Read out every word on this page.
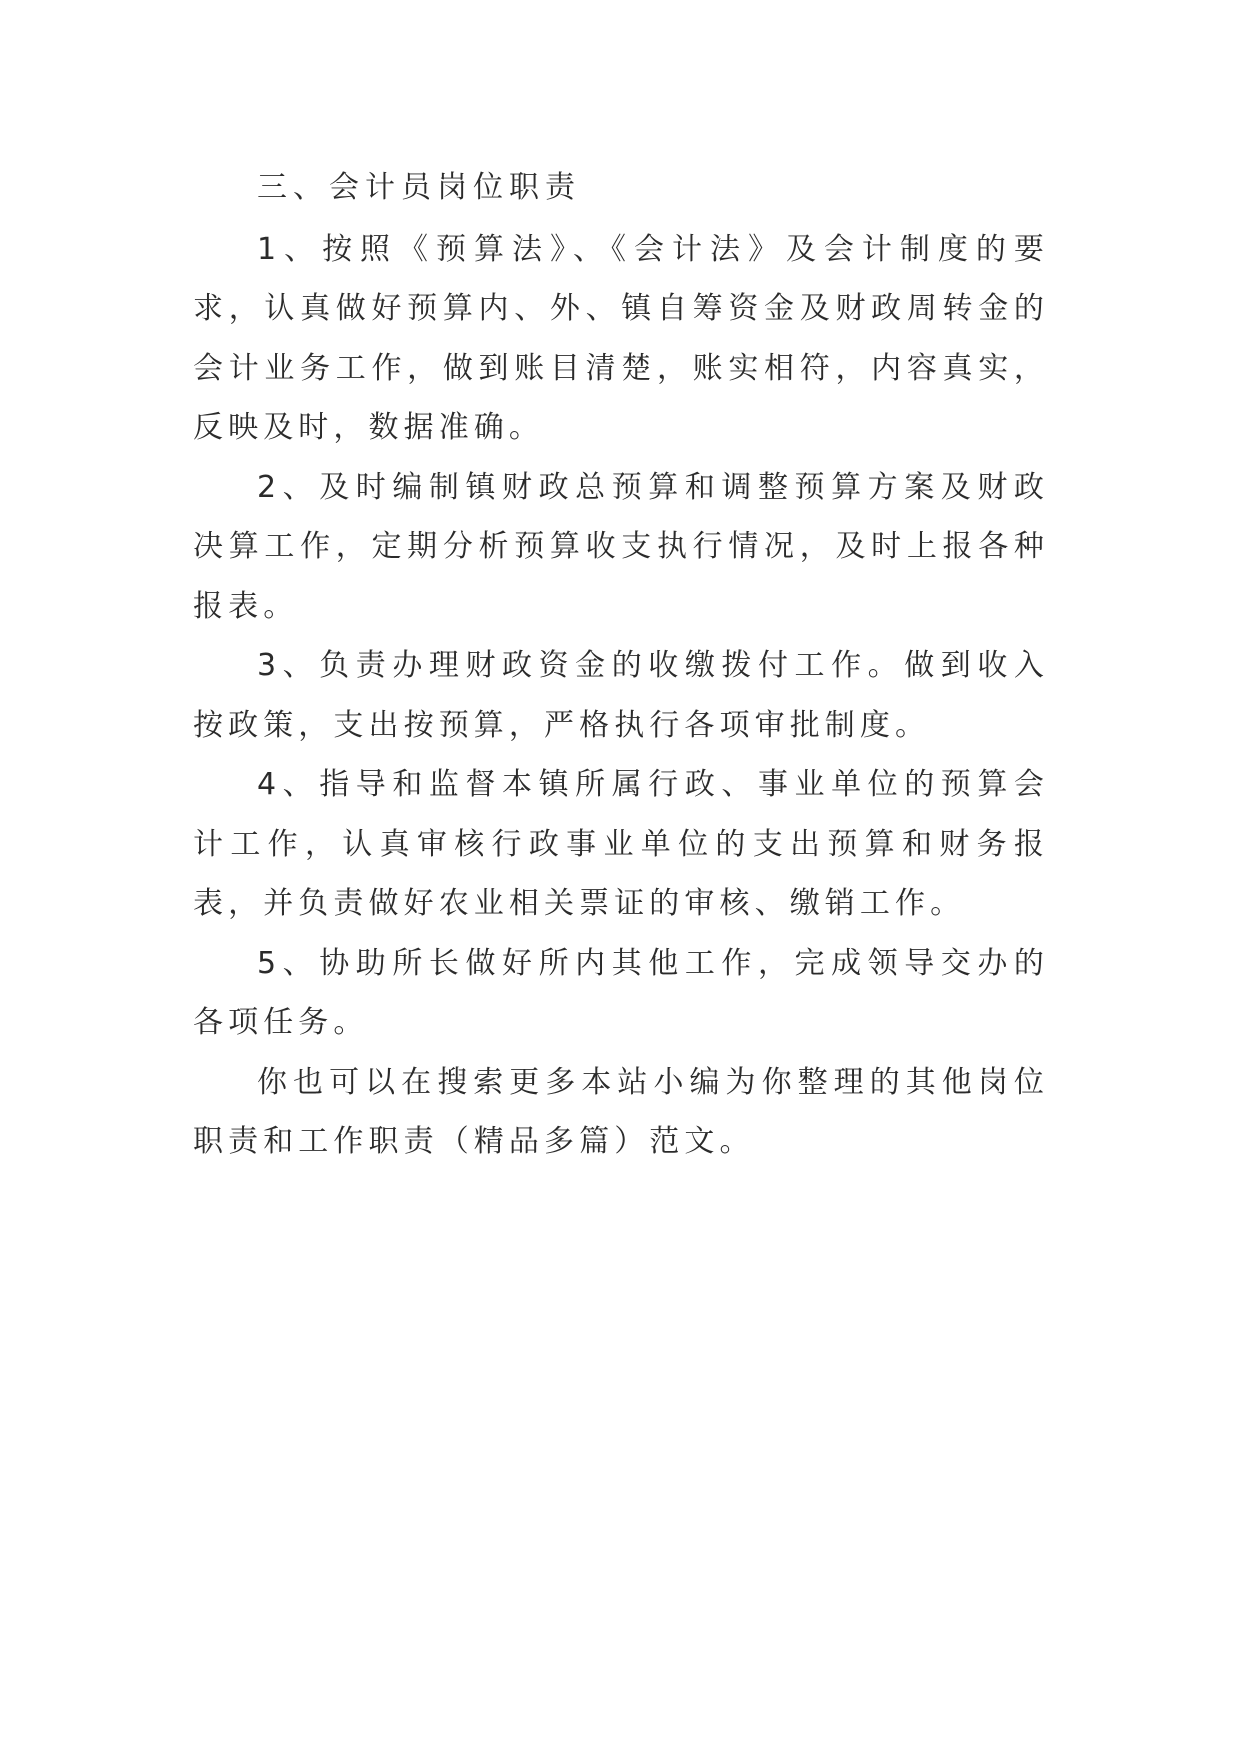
三、会计员岗位职责

1、按照《预算法》、《会计法》及会计制度的要求，认真做好预算内、外、镇自筹资金及财政周转金的会计业务工作，做到账目清楚，账实相符，内容真实，反映及时，数据准确。

2、及时编制镇财政总预算和调整预算方案及财政决算工作，定期分析预算收支执行情况，及时上报各种报表。

3、负责办理财政资金的收缴拨付工作。做到收入按政策，支出按预算，严格执行各项审批制度。

4、指导和监督本镇所属行政、事业单位的预算会计工作，认真审核行政事业单位的支出预算和财务报表，并负责做好农业相关票证的审核、缴销工作。

5、协助所长做好所内其他工作，完成领导交办的各项任务。

你也可以在搜索更多本站小编为你整理的其他岗位职责和工作职责（精品多篇）范文。
